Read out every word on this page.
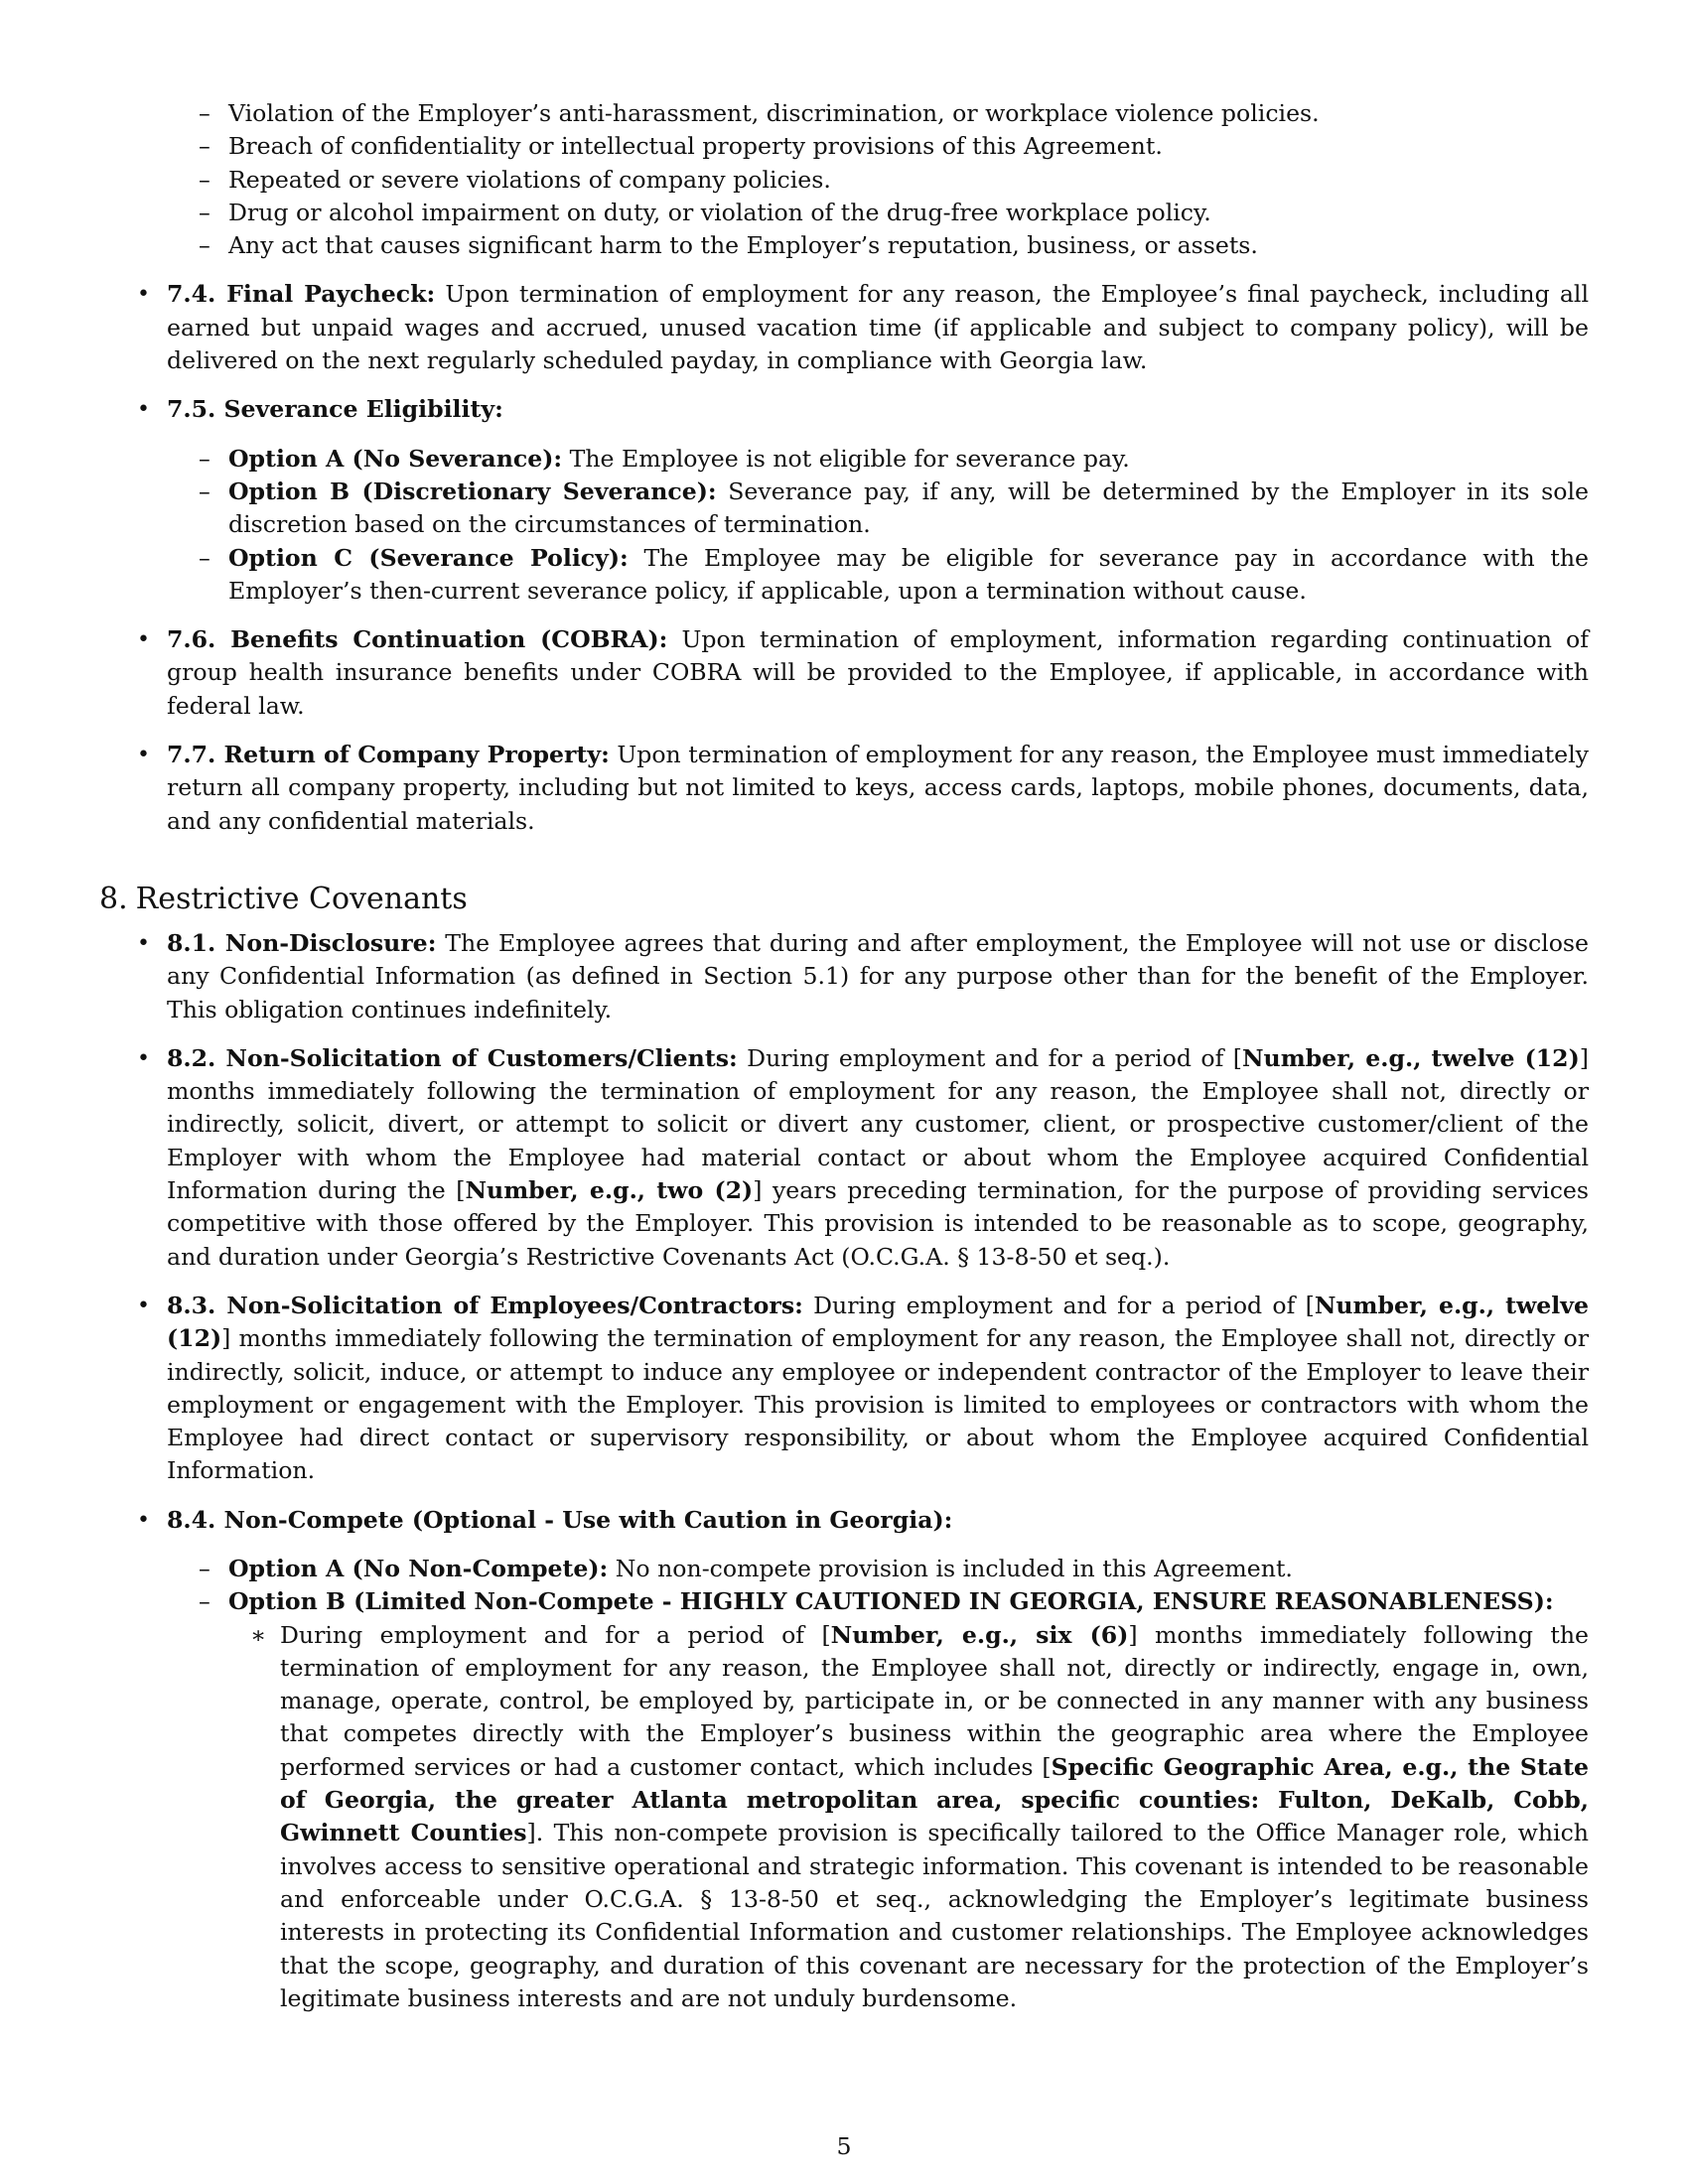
– Violation of the Employer’s anti-harassment, discrimination, or workplace violence policies.
– Breach of confidentiality or intellectual property provisions of this Agreement.
– Repeated or severe violations of company policies.
– Drug or alcohol impairment on duty, or violation of the drug-free workplace policy.
– Any act that causes significant harm to the Employer’s reputation, business, or assets.
• 7.4. Final Paycheck: Upon termination of employment for any reason, the Employee’s final paycheck, including all earned but unpaid wages and accrued, unused vacation time (if applicable and subject to company policy), will be delivered on the next regularly scheduled payday, in compliance with Georgia law.
• 7.5. Severance Eligibility:
– Option A (No Severance): The Employee is not eligible for severance pay.
– Option B (Discretionary Severance): Severance pay, if any, will be determined by the Employer in its sole discretion based on the circumstances of termination.
– Option C (Severance Policy): The Employee may be eligible for severance pay in accordance with the Employer’s then-current severance policy, if applicable, upon a termination without cause.
• 7.6. Benefits Continuation (COBRA): Upon termination of employment, information regarding continuation of group health insurance benefits under COBRA will be provided to the Employee, if applicable, in accordance with federal law.
• 7.7. Return of Company Property: Upon termination of employment for any reason, the Employee must immediately return all company property, including but not limited to keys, access cards, laptops, mobile phones, documents, data, and any confidential materials.
8. Restrictive Covenants
• 8.1. Non-Disclosure: The Employee agrees that during and after employment, the Employee will not use or disclose any Confidential Information (as defined in Section 5.1) for any purpose other than for the benefit of the Employer. This obligation continues indefinitely.
• 8.2. Non-Solicitation of Customers/Clients: During employment and for a period of [Number, e.g., twelve (12)] months immediately following the termination of employment for any reason, the Employee shall not, directly or indirectly, solicit, divert, or attempt to solicit or divert any customer, client, or prospective customer/client of the Employer with whom the Employee had material contact or about whom the Employee acquired Confidential Information during the [Number, e.g., two (2)] years preceding termination, for the purpose of providing services competitive with those offered by the Employer. This provision is intended to be reasonable as to scope, geography, and duration under Georgia’s Restrictive Covenants Act (O.C.G.A. § 13-8-50 et seq.).
• 8.3. Non-Solicitation of Employees/Contractors: During employment and for a period of [Number, e.g., twelve (12)] months immediately following the termination of employment for any reason, the Employee shall not, directly or indirectly, solicit, induce, or attempt to induce any employee or independent contractor of the Employer to leave their employment or engagement with the Employer. This provision is limited to employees or contractors with whom the Employee had direct contact or supervisory responsibility, or about whom the Employee acquired Confidential Information.
• 8.4. Non-Compete (Optional - Use with Caution in Georgia):
– Option A (No Non-Compete): No non-compete provision is included in this Agreement.
– Option B (Limited Non-Compete - HIGHLY CAUTIONED IN GEORGIA, ENSURE REASONABLENESS):
∗ During employment and for a period of [Number, e.g., six (6)] months immediately following the termination of employment for any reason, the Employee shall not, directly or indirectly, engage in, own, manage, operate, control, be employed by, participate in, or be connected in any manner with any business that competes directly with the Employer’s business within the geographic area where the Employee performed services or had a customer contact, which includes [Specific Geographic Area, e.g., the State of Georgia, the greater Atlanta metropolitan area, specific counties: Fulton, DeKalb, Cobb, Gwinnett Counties]. This non-compete provision is specifically tailored to the Office Manager role, which involves access to sensitive operational and strategic information. This covenant is intended to be reasonable and enforceable under O.C.G.A. § 13-8-50 et seq., acknowledging the Employer’s legitimate business interests in protecting its Confidential Information and customer relationships. The Employee acknowledges that the scope, geography, and duration of this covenant are necessary for the protection of the Employer’s legitimate business interests and are not unduly burdensome.
5
